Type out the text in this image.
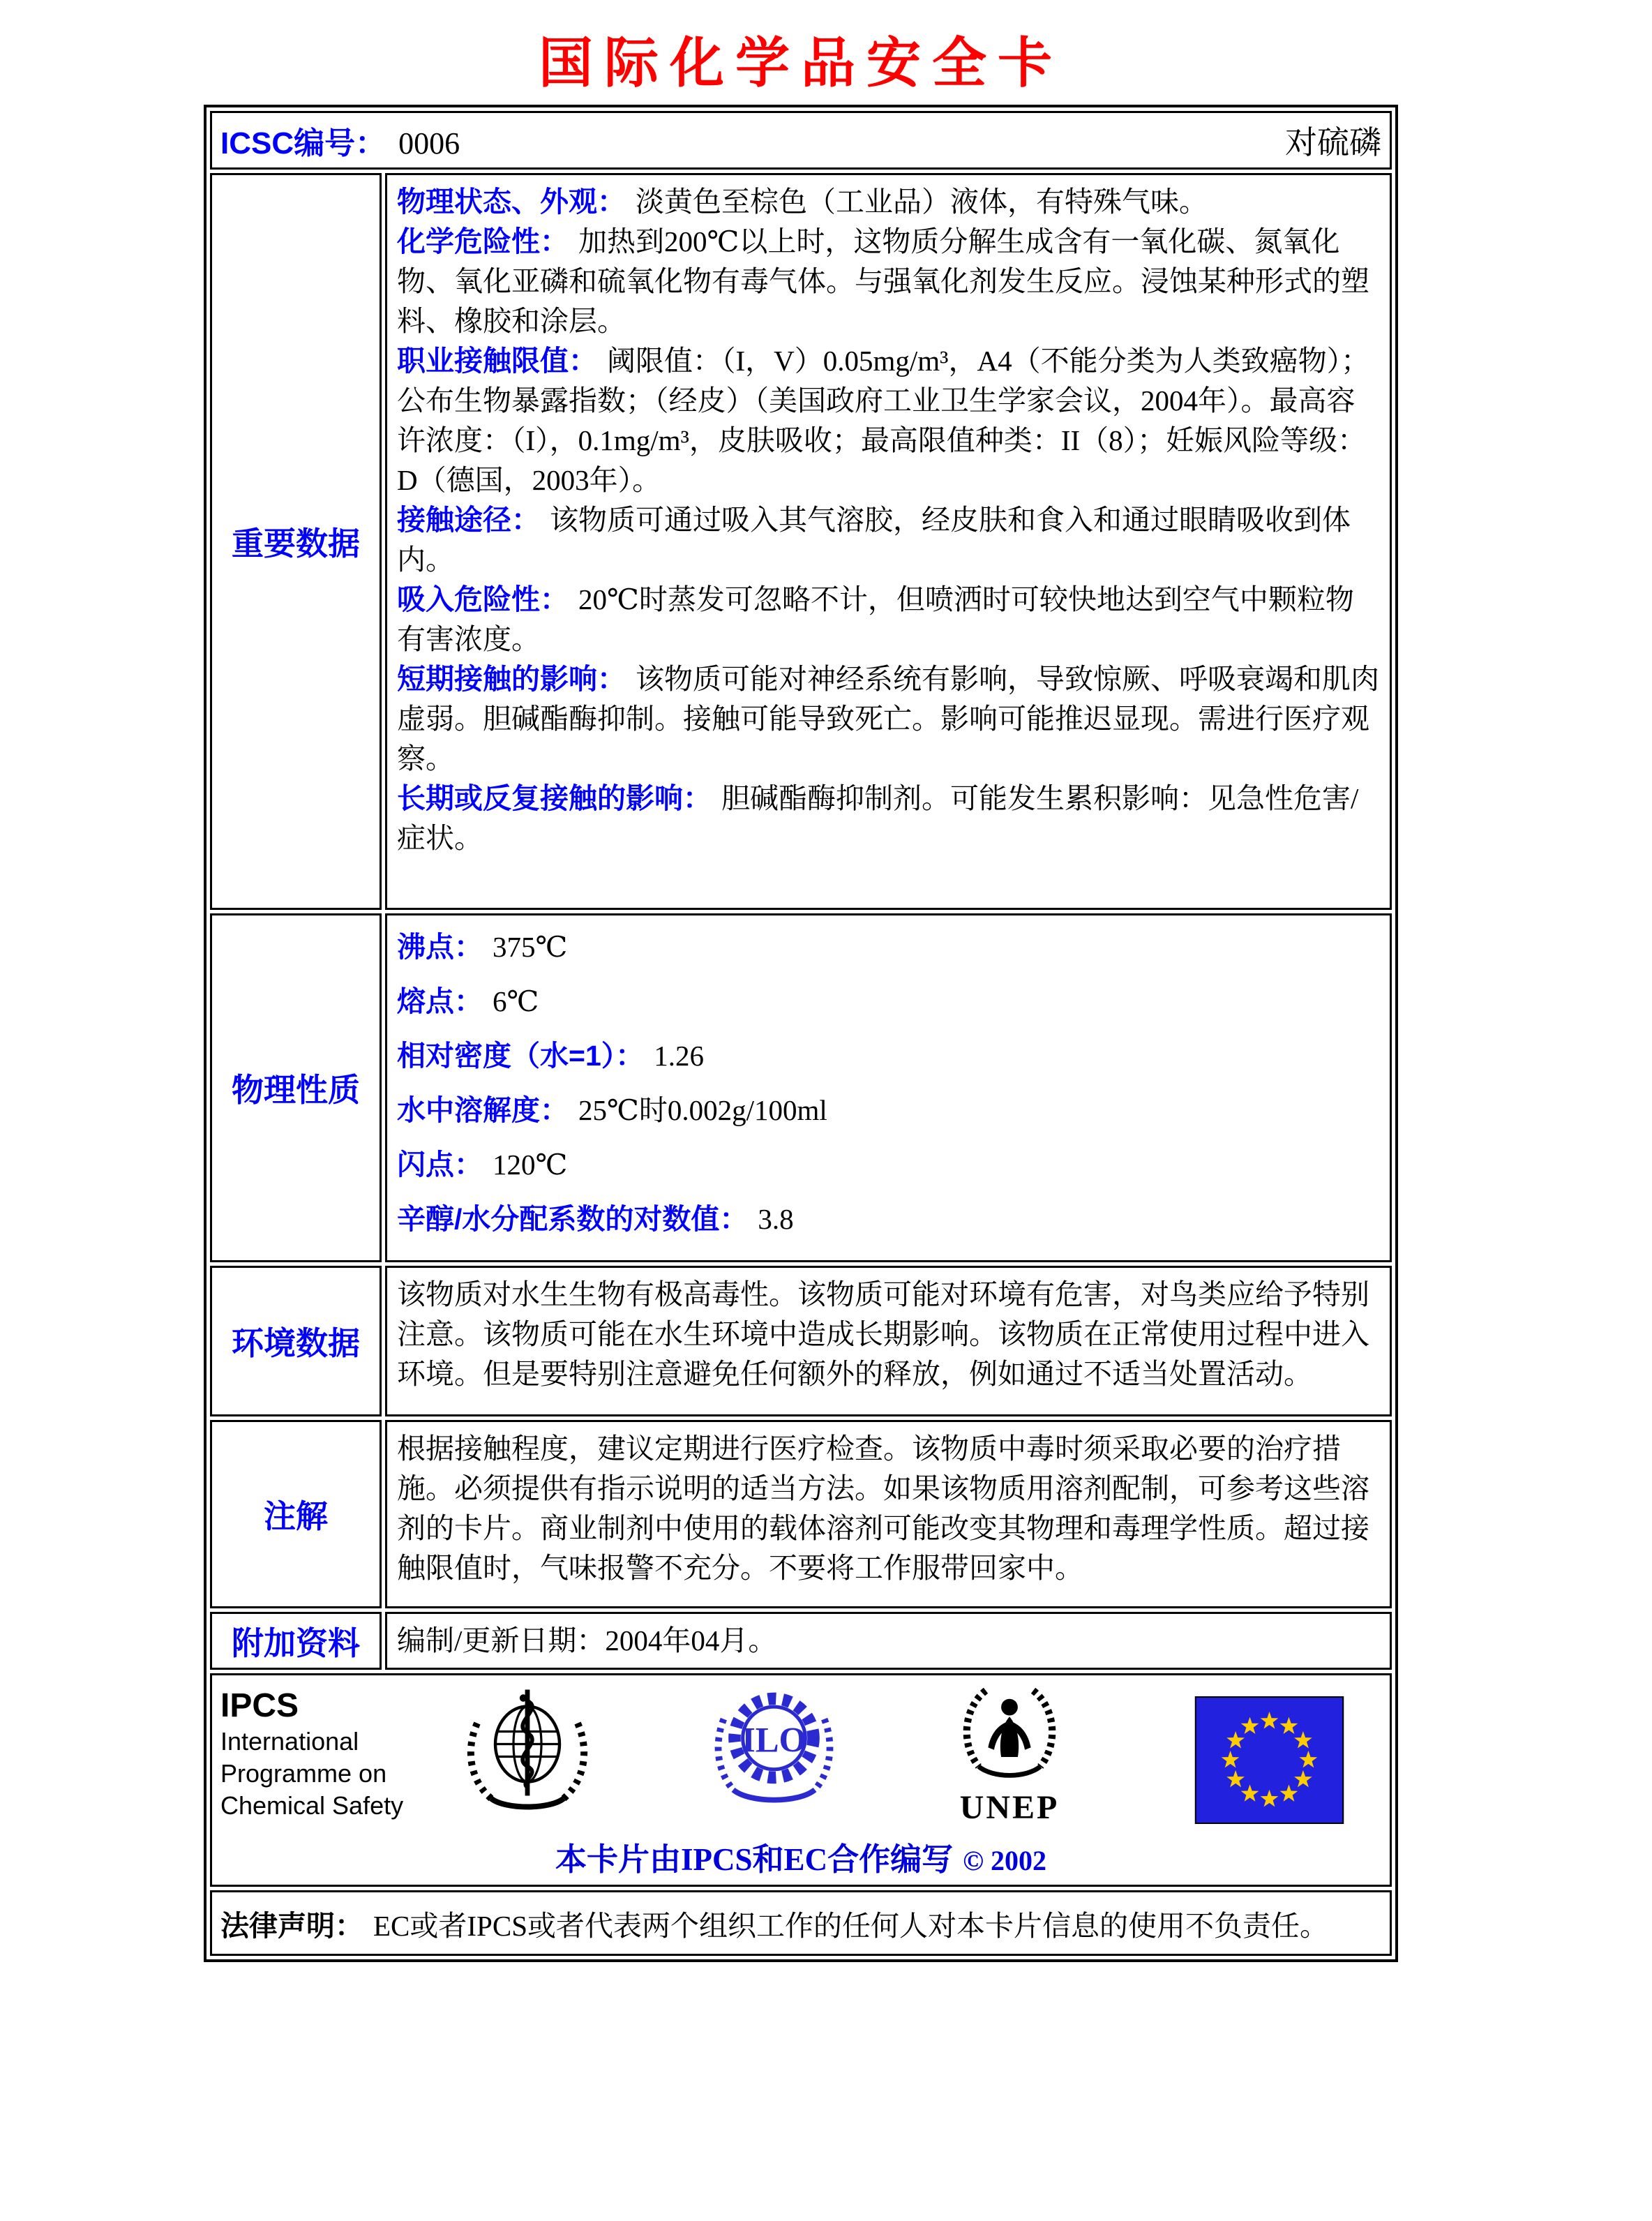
国际化学品安全卡
ICSC编号： 0006	对硫磷
重要数据
物理状态、外观： 淡黄色至棕色（工业品）液体，有特殊气味。
化学危险性： 加热到200℃以上时，这物质分解生成含有一氧化碳、氮氧化物、氧化亚磷和硫氧化物有毒气体。与强氧化剂发生反应。浸蚀某种形式的塑料、橡胶和涂层。
职业接触限值： 阈限值：（I，V）0.05mg/m³，A4（不能分类为人类致癌物）；公布生物暴露指数；（经皮）（美国政府工业卫生学家会议，2004年）。最高容许浓度：（I），0.1mg/m³，皮肤吸收；最高限值种类：II（8）；妊娠风险等级：D（德国，2003年）。
接触途径： 该物质可通过吸入其气溶胶，经皮肤和食入和通过眼睛吸收到体内。
吸入危险性： 20℃时蒸发可忽略不计，但喷洒时可较快地达到空气中颗粒物有害浓度。
短期接触的影响： 该物质可能对神经系统有影响，导致惊厥、呼吸衰竭和肌肉虚弱。胆碱酯酶抑制。接触可能导致死亡。影响可能推迟显现。需进行医疗观察。
长期或反复接触的影响： 胆碱酯酶抑制剂。可能发生累积影响：见急性危害/症状。
物理性质
沸点： 375℃
熔点： 6℃
相对密度（水=1）： 1.26
水中溶解度： 25℃时0.002g/100ml
闪点： 120℃
辛醇/水分配系数的对数值： 3.8
环境数据
该物质对水生生物有极高毒性。该物质可能对环境有危害，对鸟类应给予特别注意。该物质可能在水生环境中造成长期影响。该物质在正常使用过程中进入环境。但是要特别注意避免任何额外的释放，例如通过不适当处置活动。
注解
根据接触程度，建议定期进行医疗检查。该物质中毒时须采取必要的治疗措施。必须提供有指示说明的适当方法。如果该物质用溶剂配制，可参考这些溶剂的卡片。商业制剂中使用的载体溶剂可能改变其物理和毒理学性质。超过接触限值时，气味报警不充分。不要将工作服带回家中。
附加资料	编制/更新日期：2004年04月。
IPCS
International
Programme on
Chemical Safety
ILO
UNEP
本卡片由IPCS和EC合作编写 © 2002
法律声明： EC或者IPCS或者代表两个组织工作的任何人对本卡片信息的使用不负责任。
